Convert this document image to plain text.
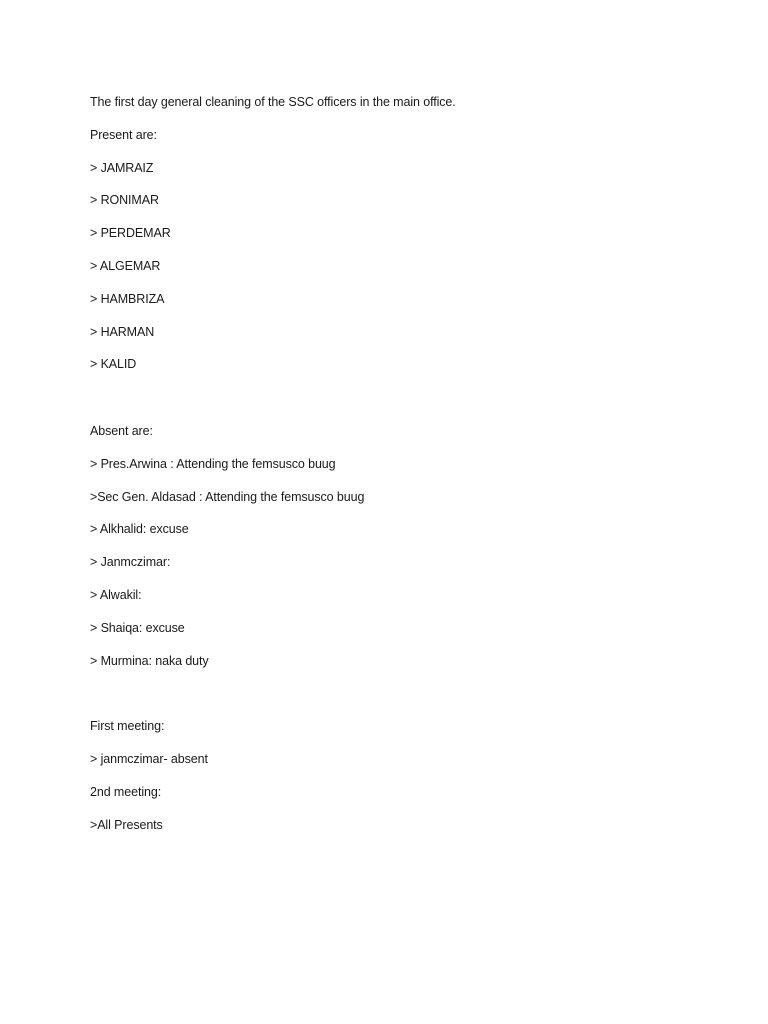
The first day general cleaning of the SSC officers in the main office.
Present are:
> JAMRAIZ
> RONIMAR
> PERDEMAR
> ALGEMAR
> HAMBRIZA
> HARMAN
> KALID
Absent are:
> Pres.Arwina : Attending the femsusco buug
>Sec Gen. Aldasad : Attending the femsusco buug
> Alkhalid: excuse
> Janmczimar:
> Alwakil:
> Shaiqa: excuse
> Murmina: naka duty
First meeting:
> janmczimar- absent
2nd meeting:
>All Presents
